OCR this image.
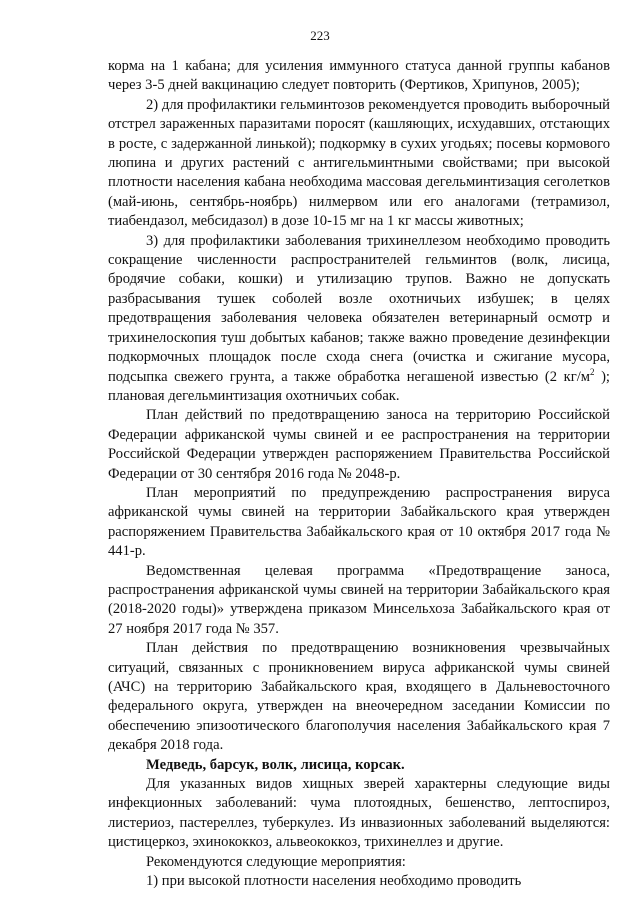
223

корма на 1 кабана; для усиления иммунного статуса данной группы кабанов через 3-5 дней вакцинацию следует повторить (Фертиков, Хрипунов, 2005);

2) для профилактики гельминтозов рекомендуется проводить выборочный отстрел зараженных паразитами поросят (кашляющих, исхудавших, отстающих в росте, с задержанной линькой); подкормку в сухих угодьях; посевы кормового люпина и других растений с антигельминтными свойствами; при высокой плотности населения кабана необходима массовая дегельминтизация сеголетков (май-июнь, сентябрь-ноябрь) нилмервом или его аналогами (тетрамизол, тиабендазол, мебсидазол) в дозе 10-15 мг на 1 кг массы животных;

3) для профилактики заболевания трихинеллезом необходимо проводить сокращение численности распространителей гельминтов (волк, лисица, бродячие собаки, кошки) и утилизацию трупов. Важно не допускать разбрасывания тушек соболей возле охотничьих избушек; в целях предотвращения заболевания человека обязателен ветеринарный осмотр и трихинелоскопия туш добытых кабанов; также важно проведение дезинфекции подкормочных площадок после схода снега (очистка и сжигание мусора, подсыпка свежего грунта, а также обработка негашеной известью (2 $кг/м^2$ ); плановая дегельминтизация охотничьих собак.

План действий по предотвращению заноса на территорию Российской Федерации африканской чумы свиней и ее распространения на территории Российской Федерации утвержден распоряжением Правительства Российской Федерации от 30 сентября 2016 года № 2048-р.

План мероприятий по предупреждению распространения вируса африканской чумы свиней на территории Забайкальского края утвержден распоряжением Правительства Забайкальского края от 10 октября 2017 года № 441-р.

Ведомственная целевая программа «Предотвращение заноса, распространения африканской чумы свиней на территории Забайкальского края (2018-2020 годы)» утверждена приказом Минсельхоза Забайкальского края от 27 ноября 2017 года № 357.

План действия по предотвращению возникновения чрезвычайных ситуаций, связанных с проникновением вируса африканской чумы свиней (АЧС) на территорию Забайкальского края, входящего в Дальневосточного федерального округа, утвержден на внеочередном заседании Комиссии по обеспечению эпизоотического благополучия населения Забайкальского края 7 декабря 2018 года.

Медведь, барсук, волк, лисица, корсак.

Для указанных видов хищных зверей характерны следующие виды инфекционных заболеваний: чума плотоядных, бешенство, лептоспироз, листериоз, пастереллез, туберкулез. Из инвазионных заболеваний выделяются: цистицеркоз, эхинококкоз, альвеококкоз, трихинеллез и другие.

Рекомендуются следующие мероприятия:

1) при высокой плотности населения необходимо проводить
